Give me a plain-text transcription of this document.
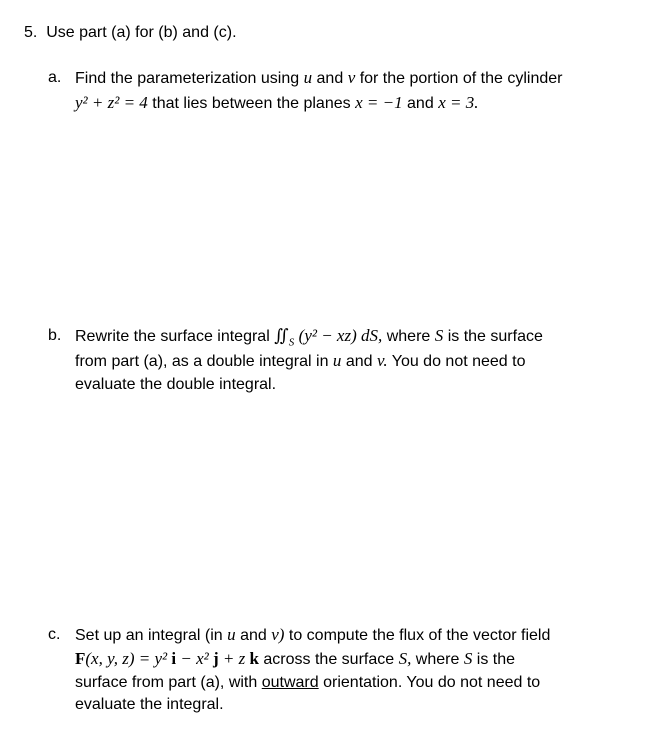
5. Use part (a) for (b) and (c).
a. Find the parameterization using u and v for the portion of the cylinder
y² + z² = 4 that lies between the planes x = −1 and x = 3.
b. Rewrite the surface integral $∬_S$ (y² − xz) dS, where S is the surface
from part (a), as a double integral in u and v. You do not need to
evaluate the double integral.
c. Set up an integral (in u and v) to compute the flux of the vector field
F(x, y, z) = y² i − x² j + z k across the surface S, where S is the
surface from part (a), with outward orientation. You do not need to
evaluate the integral.
